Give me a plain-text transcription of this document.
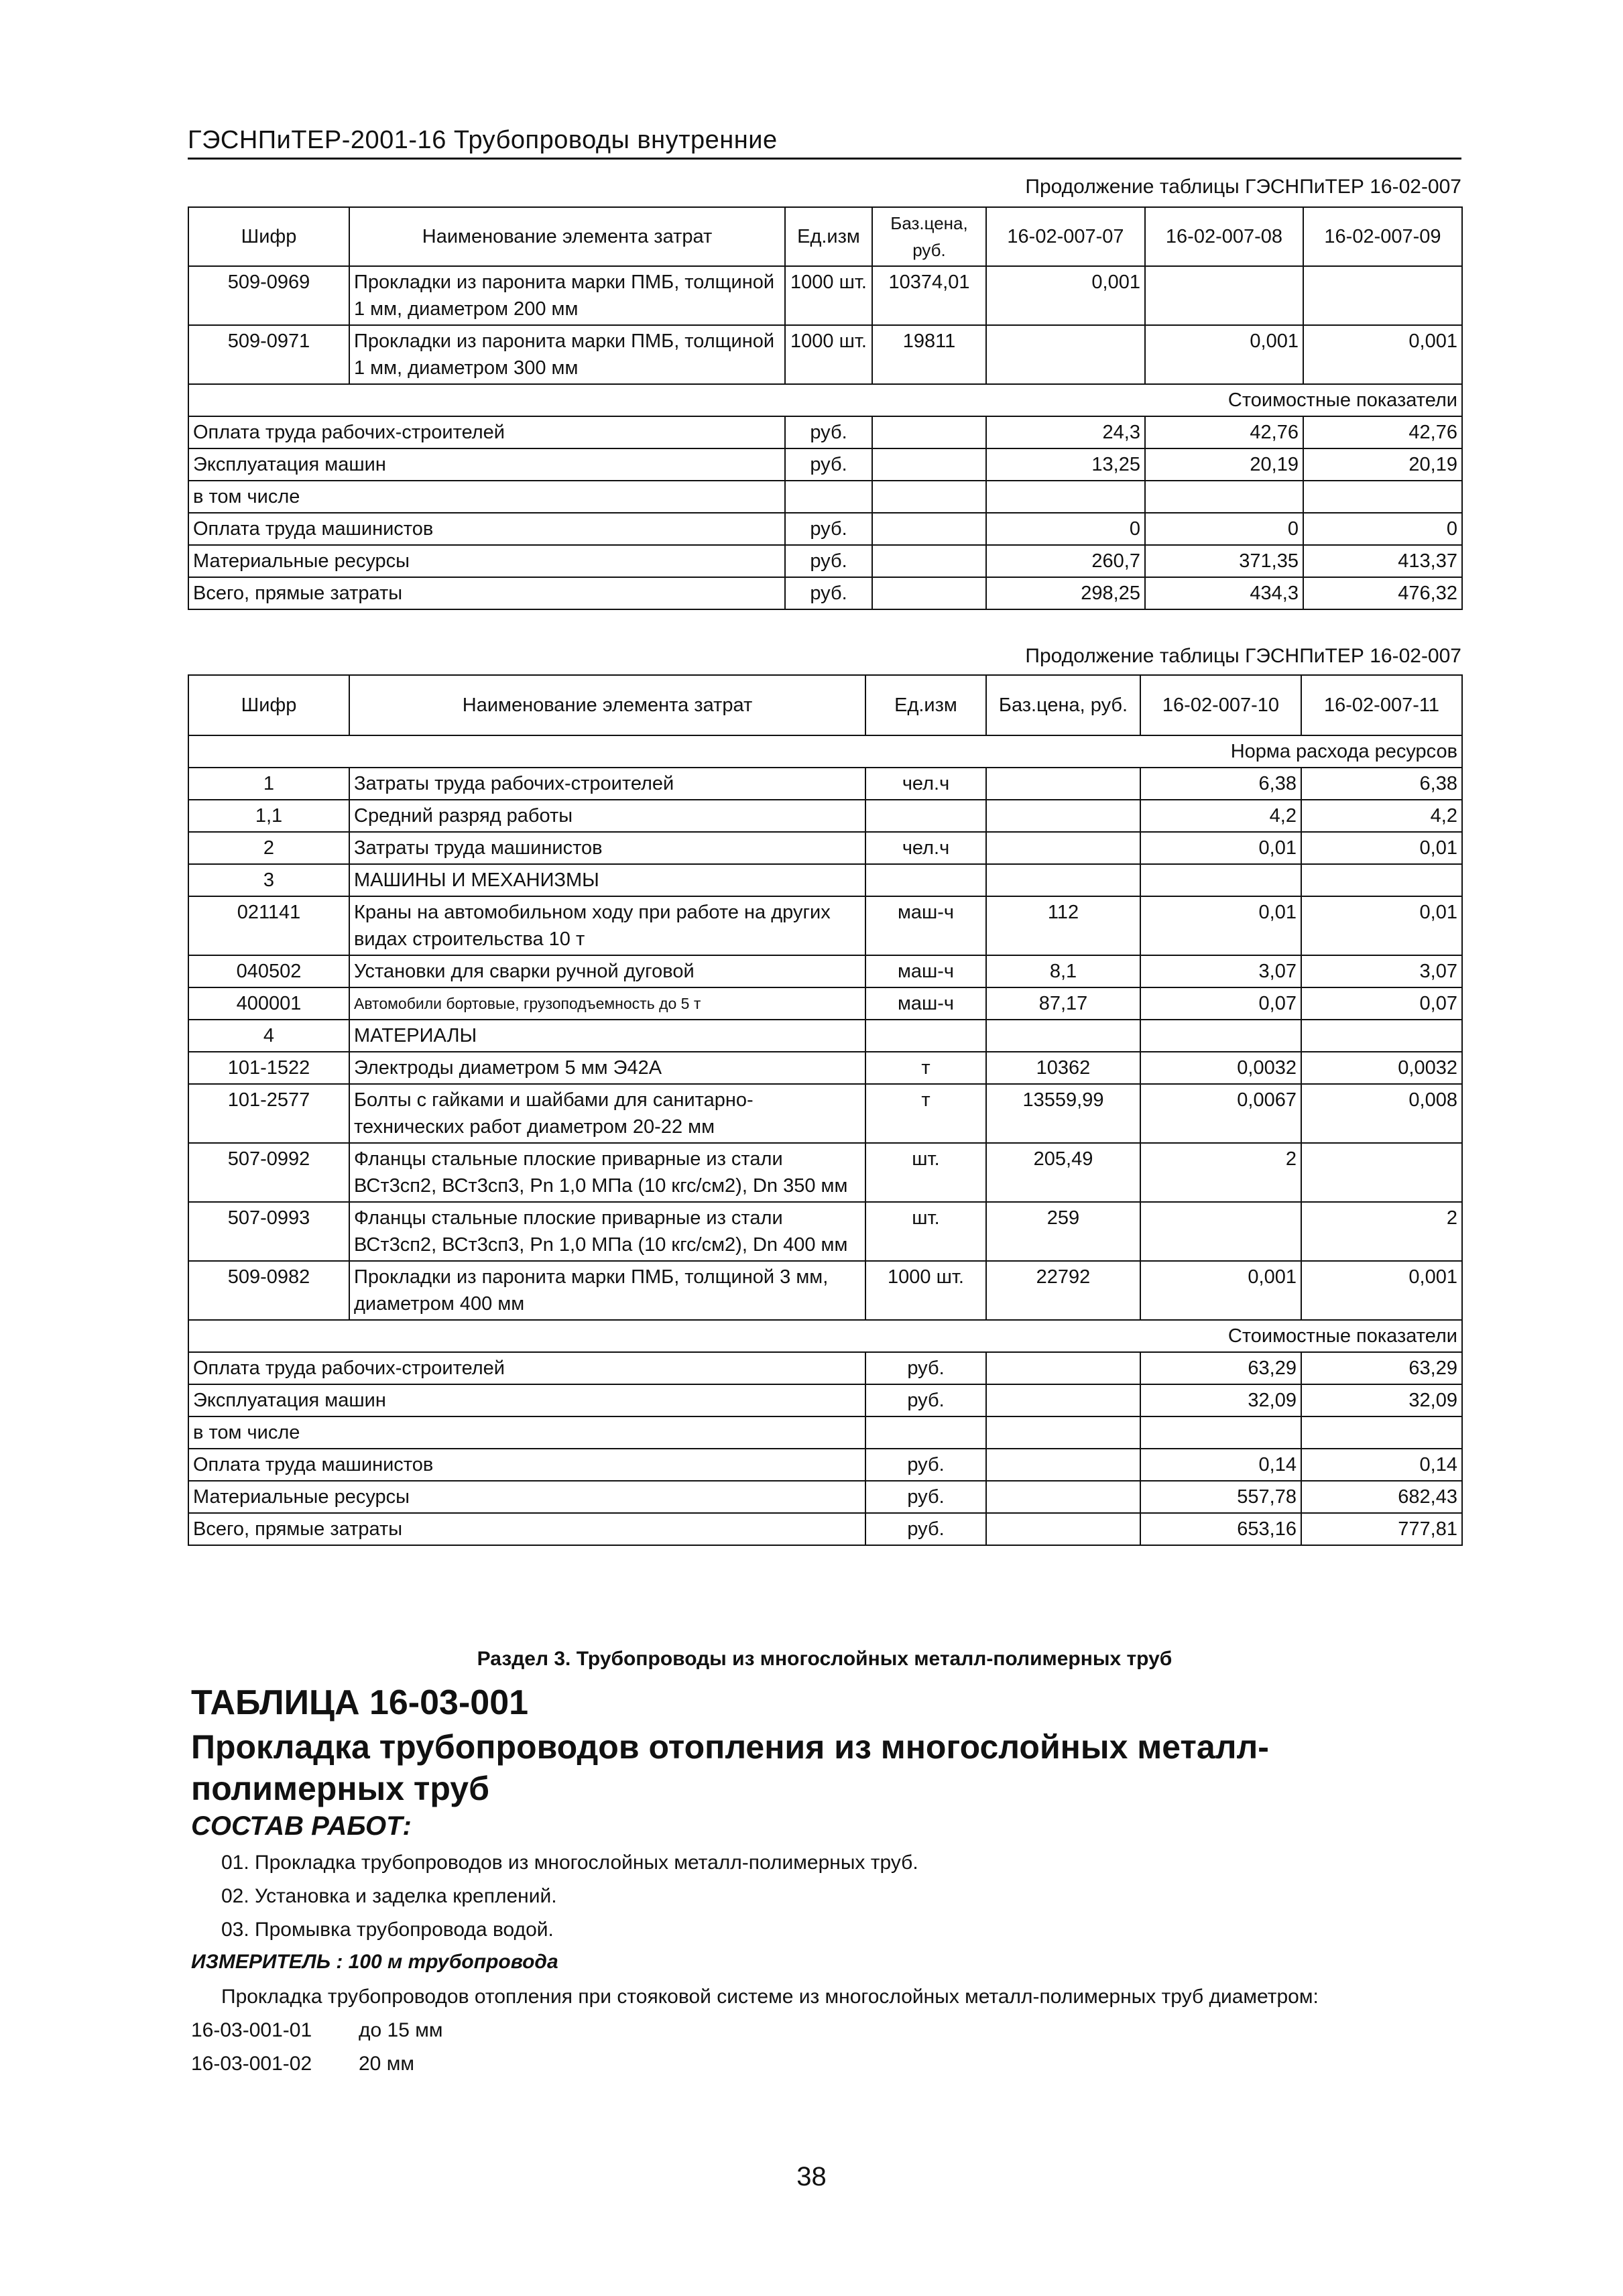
ГЭСНПиТЕР-2001-16 Трубопроводы внутренние
Продолжение таблицы ГЭСНПиТЕР 16-02-007
Шифр	Наименование элемента затрат	Ед.изм	Баз.цена, руб.	16-02-007-07	16-02-007-08	16-02-007-09
509-0969	Прокладки из паронита марки ПМБ, толщиной 1 мм, диаметром 200 мм	1000 шт.	10374,01	0,001		
509-0971	Прокладки из паронита марки ПМБ, толщиной 1 мм, диаметром 300 мм	1000 шт.	19811		0,001	0,001
Стоимостные показатели						
Оплата труда рабочих-строителей		руб.		24,3	42,76	42,76
Эксплуатация машин		руб.		13,25	20,19	20,19
в том числе						
Оплата труда машинистов		руб.		0	0	0
Материальные ресурсы		руб.		260,7	371,35	413,37
Всего, прямые затраты		руб.		298,25	434,3	476,32
Продолжение таблицы ГЭСНПиТЕР 16-02-007
Шифр	Наименование элемента затрат	Ед.изм	Баз.цена, руб.	16-02-007-10	16-02-007-11
Норма расхода ресурсов					
1	Затраты труда рабочих-строителей	чел.ч		6,38	6,38
1,1	Средний разряд работы			4,2	4,2
2	Затраты труда машинистов	чел.ч		0,01	0,01
3	МАШИНЫ И МЕХАНИЗМЫ				
021141	Краны на автомобильном ходу при работе на других видах строительства 10 т	маш-ч	112	0,01	0,01
040502	Установки для сварки ручной дуговой	маш-ч	8,1	3,07	3,07
400001	Автомобили бортовые, грузоподъемность до 5 т	маш-ч	87,17	0,07	0,07
4	МАТЕРИАЛЫ				
101-1522	Электроды диаметром 5 мм Э42А	т	10362	0,0032	0,0032
101-2577	Болты с гайками и шайбами для санитарно-технических работ диаметром 20-22 мм	т	13559,99	0,0067	0,008
507-0992	Фланцы стальные плоские приварные из стали ВСт3сп2, ВСт3сп3, Рn 1,0 МПа (10 кгс/см2), Dn 350 мм	шт.	205,49	2	
507-0993	Фланцы стальные плоские приварные из стали ВСт3сп2, ВСт3сп3, Рn 1,0 МПа (10 кгс/см2), Dn 400 мм	шт.	259		2
509-0982	Прокладки из паронита марки ПМБ, толщиной 3 мм, диаметром 400 мм	1000 шт.	22792	0,001	0,001
Стоимостные показатели					
Оплата труда рабочих-строителей		руб.		63,29	63,29
Эксплуатация машин		руб.		32,09	32,09
в том числе					
Оплата труда машинистов		руб.		0,14	0,14
Материальные ресурсы		руб.		557,78	682,43
Всего, прямые затраты		руб.		653,16	777,81
Раздел 3. Трубопроводы из многослойных металл-полимерных труб
ТАБЛИЦА 16-03-001
Прокладка трубопроводов отопления из многослойных металл-полимерных труб
СОСТАВ РАБОТ:
01. Прокладка трубопроводов из многослойных металл-полимерных труб.
02. Установка и заделка креплений.
03. Промывка трубопровода водой.
ИЗМЕРИТЕЛЬ : 100 м трубопровода
Прокладка трубопроводов отопления при стояковой системе из многослойных металл-полимерных труб диаметром:
16-03-001-01 до 15 мм
16-03-001-02 20 мм
38
